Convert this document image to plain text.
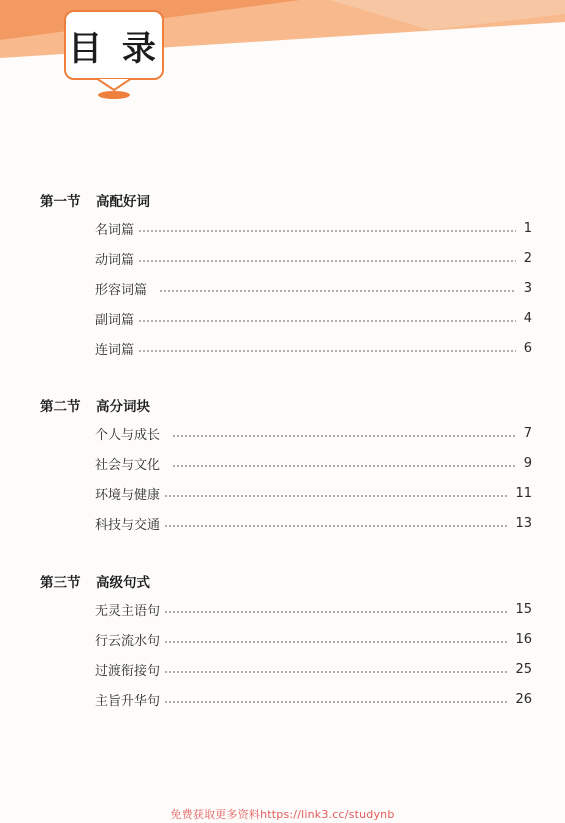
目 录
第一节	高配好词
名词篇	1
动词篇	2
形容词篇	3
副词篇	4
连词篇	6
第二节	高分词块
个人与成长	7
社会与文化	9
环境与健康	11
科技与交通	13
第三节	高级句式
无灵主语句	15
行云流水句	16
过渡衔接句	25
主旨升华句	26
免费获取更多资料https://link3.cc/studynb
